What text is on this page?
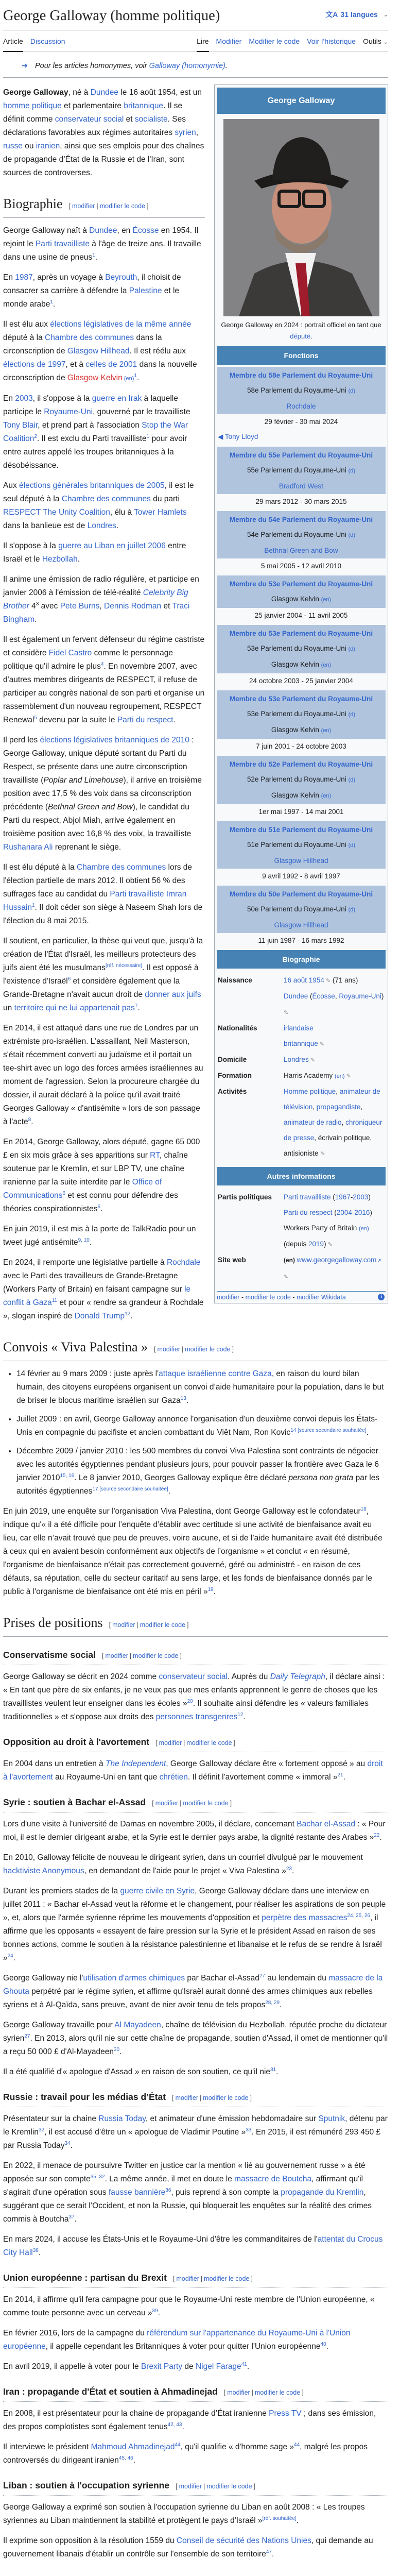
George Galloway (homme politique)	文A 31 langues ⌄
Article Discussion	Lire Modifier Modifier le code Voir l’historique Outils ⌄
➜ Pour les articles homonymes, voir Galloway (homonymie).
George Galloway
George Galloway en 2024 : portrait officiel en tant que député.
Fonctions
Membre du 58e Parlement du Royaume-Uni
58e Parlement du Royaume-Uni (d)
Rochdale
29 février - 30 mai 2024
◀ Tony Lloyd
Membre du 55e Parlement du Royaume-Uni
55e Parlement du Royaume-Uni (d)
Bradford West
29 mars 2012 - 30 mars 2015
Membre du 54e Parlement du Royaume-Uni
54e Parlement du Royaume-Uni (d)
Bethnal Green and Bow
5 mai 2005 - 12 avril 2010
Membre du 53e Parlement du Royaume-Uni
Glasgow Kelvin (en)
25 janvier 2004 - 11 avril 2005
Membre du 53e Parlement du Royaume-Uni
53e Parlement du Royaume-Uni (d)
Glasgow Kelvin (en)
24 octobre 2003 - 25 janvier 2004
Membre du 53e Parlement du Royaume-Uni
53e Parlement du Royaume-Uni (d)
Glasgow Kelvin (en)
7 juin 2001 - 24 octobre 2003
Membre du 52e Parlement du Royaume-Uni
52e Parlement du Royaume-Uni (d)
Glasgow Kelvin (en)
1er mai 1997 - 14 mai 2001
Membre du 51e Parlement du Royaume-Uni
51e Parlement du Royaume-Uni (d)
Glasgow Hillhead
9 avril 1992 - 8 avril 1997
Membre du 50e Parlement du Royaume-Uni
50e Parlement du Royaume-Uni (d)
Glasgow Hillhead
11 juin 1987 - 16 mars 1992
Biographie
Naissance	16 août 1954 ✎ (71 ans)
Dundee (Écosse, Royaume-Uni) ✎
Nationalités	irlandaise
britannique ✎
Domicile	Londres ✎
Formation	Harris Academy (en) ✎
Activités	Homme politique, animateur de télévision, propagandiste, animateur de radio, chroniqueur de presse, écrivain politique, antisioniste ✎
Autres informations
Partis politiques	Parti travailliste (1967-2003)
Parti du respect (2004-2016)
Workers Party of Britain (en) (depuis 2019) ✎
Site web	(en) www.georgegalloway.com↗ ✎
modifier - modifier le code - modifier Wikidata	i

George Galloway, né à Dundee le 16 août 1954, est un homme politique et parlementaire britannique. Il se définit comme conservateur social et socialiste. Ses déclarations favorables aux régimes autoritaires syrien, russe ou iranien, ainsi que ses emplois pour des chaînes de propagande d’État de la Russie et de l'Iran, sont sources de controverses.

Biographie [ modifier | modifier le code ]

George Galloway naît à Dundee, en Écosse en 1954. Il rejoint le Parti travailliste à l'âge de treize ans. Il travaille dans une usine de pneus$^1$.

En 1987, après un voyage à Beyrouth, il choisit de consacrer sa carrière à défendre la Palestine et le monde arabe$^1$.

Il est élu aux élections législatives de la même année député à la Chambre des communes dans la circonscription de Glasgow Hillhead. Il est réélu aux élections de 1997, et à celles de 2001 dans la nouvelle circonscription de Glasgow Kelvin (en)$^1$.

En 2003, il s'oppose à la guerre en Irak à laquelle participe le Royaume-Uni, gouverné par le travailliste Tony Blair, et prend part à l'association Stop the War Coalition$^2$. Il est exclu du Parti travailliste$^1$ pour avoir entre autres appelé les troupes britanniques à la désobéissance.

Aux élections générales britanniques de 2005, il est le seul député à la Chambre des communes du parti RESPECT The Unity Coalition, élu à Tower Hamlets dans la banlieue est de Londres.

Il s'oppose à la guerre au Liban en juillet 2006 entre Israël et le Hezbollah.

Il anime une émission de radio régulière, et participe en janvier 2006 à l'émission de télé-réalité Celebrity Big Brother $4^3$ avec Pete Burns, Dennis Rodman et Traci Bingham.

Il est également un fervent défenseur du régime castriste et considère Fidel Castro comme le personnage politique qu'il admire le plus$^4$. En novembre 2007, avec d'autres membres dirigeants de RESPECT, il refuse de participer au congrès national de son parti et organise un rassemblement d'un nouveau regroupement, RESPECT Renewal$^5$ devenu par la suite le Parti du respect.

Il perd les élections législatives britanniques de 2010 : George Galloway, unique député sortant du Parti du Respect, se présente dans une autre circonscription travailliste (Poplar and Limehouse), il arrive en troisième position avec 17,5 % des voix dans sa circonscription précédente (Bethnal Green and Bow), le candidat du Parti du respect, Abjol Miah, arrive également en troisième position avec 16,8 % des voix, la travailliste Rushanara Ali reprenant le siège.

Il est élu député à la Chambre des communes lors de l'élection partielle de mars 2012. Il obtient 56 % des suffrages face au candidat du Parti travailliste Imran Hussain$^1$. Il doit céder son siège à Naseem Shah lors de l'élection du 8 mai 2015.

Il soutient, en particulier, la thèse qui veut que, jusqu'à la création de l'État d'Israël, les meilleurs protecteurs des juifs aient été les musulmans[réf. nécessaire]. Il est opposé à l'existence d'Israël$^6$ et considère également que la Grande-Bretagne n'avait aucun droit de donner aux juifs un territoire qui ne lui appartenait pas$^7$.

En 2014, il est attaqué dans une rue de Londres par un extrémiste pro-israélien. L'assaillant, Neil Masterson, s'était récemment converti au judaïsme et il portait un tee-shirt avec un logo des forces armées israéliennes au moment de l'agression. Selon la procureure chargée du dossier, il aurait déclaré à la police qu'il avait traité Georges Galloway « d'antisémite » lors de son passage à l'acte$^8$.

En 2014, George Galloway, alors député, gagne 65 000 £ en six mois grâce à ses apparitions sur RT, chaîne soutenue par le Kremlin, et sur LBP TV, une chaîne iranienne par la suite interdite par le Office of Communications$^6$ et est connu pour défendre des théories conspirationnistes$^6$.

En juin 2019, il est mis à la porte de TalkRadio pour un tweet jugé antisémite$^{9, 10}$.

En 2024, il remporte une législative partielle à Rochdale avec le Parti des travailleurs de Grande-Bretagne (Workers Party of Britain) en faisant campagne sur le conflit à Gaza$^{11}$ et pour « rendre sa grandeur à Rochdale », slogan inspiré de Donald Trump$^{12}$.

Convois « Viva Palestina » [ modifier | modifier le code ]
• 14 février au 9 mars 2009 : juste après l'attaque israélienne contre Gaza, en raison du lourd bilan humain, des citoyens européens organisent un convoi d’aide humanitaire pour la population, dans le but de briser le blocus maritime israélien sur Gaza$^{13}$.
• Juillet 2009 : en avril, George Galloway annonce l'organisation d'un deuxième convoi depuis les États-Unis en compagnie du pacifiste et ancien combattant du Viêt Nam, Ron Kovic$^{14 [source secondaire souhaitée]}$.
• Décembre 2009 / janvier 2010 : les 500 membres du convoi Viva Palestina sont contraints de négocier avec les autorités égyptiennes pendant plusieurs jours, pour pouvoir passer la frontière avec Gaza le 6 janvier 2010$^{15, 16}$. Le 8 janvier 2010, Georges Galloway explique être déclaré persona non grata par les autorités égyptiennes$^{17 [source secondaire souhaitée]}$.

En juin 2019, une enquête sur l'organisation Viva Palestina, dont George Galloway est le cofondateur$^{18}$, indique qu'« il a été difficile pour l’enquête d’établir avec certitude si une activité de bienfaisance avait eu lieu, car elle n’avait trouvé que peu de preuves, voire aucune, et si de l’aide humanitaire avait été distribuée à ceux qui en avaient besoin conformément aux objectifs de l’organisme » et conclut « en résumé, l'organisme de bienfaisance n'était pas correctement gouverné, géré ou administré - en raison de ces défauts, sa réputation, celle du secteur caritatif au sens large, et les fonds de bienfaisance donnés par le public à l'organisme de bienfaisance ont été mis en péril »$^{19}$.

Prises de positions [ modifier | modifier le code ]
Conservatisme social [ modifier | modifier le code ]

George Galloway se décrit en 2024 comme conservateur social. Auprès du Daily Telegraph, il déclare ainsi : « En tant que père de six enfants, je ne veux pas que mes enfants apprennent le genre de choses que les travaillistes veulent leur enseigner dans les écoles »$^{20}$. Il souhaite ainsi défendre les « valeurs familiales traditionnelles » et s'oppose aux droits des personnes transgenres$^{12}$.

Opposition au droit à l'avortement [ modifier | modifier le code ]

En 2004 dans un entretien à The Independent, George Galloway déclare être « fortement opposé » au droit à l'avortement au Royaume-Uni en tant que chrétien. Il définit l'avortement comme « immoral »$^{21}$.

Syrie : soutien à Bachar el-Assad [ modifier | modifier le code ]

Lors d'une visite à l'université de Damas en novembre 2005, il déclare, concernant Bachar el-Assad : « Pour moi, il est le dernier dirigeant arabe, et la Syrie est le dernier pays arabe, la dignité restante des Arabes »$^{22}$.

En 2010, Galloway félicite de nouveau le dirigeant syrien, dans un courriel divulgué par le mouvement hacktiviste Anonymous, en demandant de l'aide pour le projet « Viva Palestina »$^{23}$.

Durant les premiers stades de la guerre civile en Syrie, George Galloway déclare dans une interview en juillet 2011 : « Bachar el-Assad veut la réforme et le changement, pour réaliser les aspirations de son peuple », et, alors que l'armée syrienne réprime les mouvements d'opposition et perpètre des massacres$^{24, 25, 26}$, il affirme que les opposants « essayent de faire pression sur la Syrie et le président Assad en raison de ses bonnes actions, comme le soutien à la résistance palestinienne et libanaise et le refus de se rendre à Israël »$^{24}$.

George Galloway nie l'utilisation d'armes chimiques par Bachar el-Assad$^{27}$ au lendemain du massacre de la Ghouta perpétré par le régime syrien, et affirme qu'Israël aurait donné des armes chimiques aux rebelles syriens et à Al-Qaïda, sans preuve, avant de nier avoir tenu de tels propos$^{28, 29}$.

George Galloway travaille pour Al Mayadeen, chaîne de télévision du Hezbollah, réputée proche du dictateur syrien$^{27}$. En 2013, alors qu'il nie sur cette chaîne de propagande, soutien d'Assad, il omet de mentionner qu'il a reçu 50 000 £ d'Al-Mayadeen$^{30}$.

Il a été qualifié d'« apologue d'Assad » en raison de son soutien, ce qu'il nie$^{31}$.

Russie : travail pour les médias d’État [ modifier | modifier le code ]

Présentateur sur la chaine Russia Today, et animateur d'une émission hebdomadaire sur Sputnik, détenu par le Kremlin$^{32}$, il est accusé d’être un « apologue de Vladimir Poutine »$^{33}$. En 2015, il est rémunéré 293 450 £ par Russia Today$^{34}$.

En 2022, il menace de poursuivre Twitter en justice car la mention « lié au gouvernement russe » a été apposée sur son compte$^{35, 32}$. La même année, il met en doute le massacre de Boutcha, affirmant qu'il s'agirait d'une opération sous fausse bannière$^{36}$, puis reprend à son compte la propagande du Kremlin, suggérant que ce serait l’Occident, et non la Russie, qui bloquerait les enquêtes sur la réalité des crimes commis à Boutcha$^{37}$.

En mars 2024, il accuse les États-Unis et le Royaume-Uni d'être les commanditaires de l'attentat du Crocus City Hall$^{38}$.

Union européenne : partisan du Brexit [ modifier | modifier le code ]

En 2014, il affirme qu'il fera campagne pour que le Royaume-Uni reste membre de l'Union européenne, « comme toute personne avec un cerveau »$^{39}$.

En février 2016, lors de la campagne du référendum sur l'appartenance du Royaume-Uni à l'Union européenne, il appelle cependant les Britanniques à voter pour quitter l'Union européenne$^{40}$.

En avril 2019, il appelle à voter pour le Brexit Party de Nigel Farage$^{41}$.

Iran : propagande d'État et soutien à Ahmadinejad [ modifier | modifier le code ]

En 2008, il est présentateur pour la chaine de propagande d’État iranienne Press TV ; dans ses émission, des propos complotistes sont également tenus$^{42, 43}$.

Il interviewe le président Mahmoud Ahmadinejad$^{44}$, qu'il qualifie « d'homme sage »$^{44}$, malgré les propos controversés du dirigeant iranien$^{45, 46}$.

Liban : soutien à l'occupation syrienne [ modifier | modifier le code ]

George Galloway a exprimé son soutien à l'occupation syrienne du Liban en août 2008 : « Les troupes syriennes au Liban maintiennent la stabilité et protègent le pays d'Israël »[réf. souhaitée].

Il exprime son opposition à la résolution 1559 du Conseil de sécurité des Nations Unies, qui demande au gouvernement libanais d'établir un contrôle sur l'ensemble de son territoire$^{47}$.
